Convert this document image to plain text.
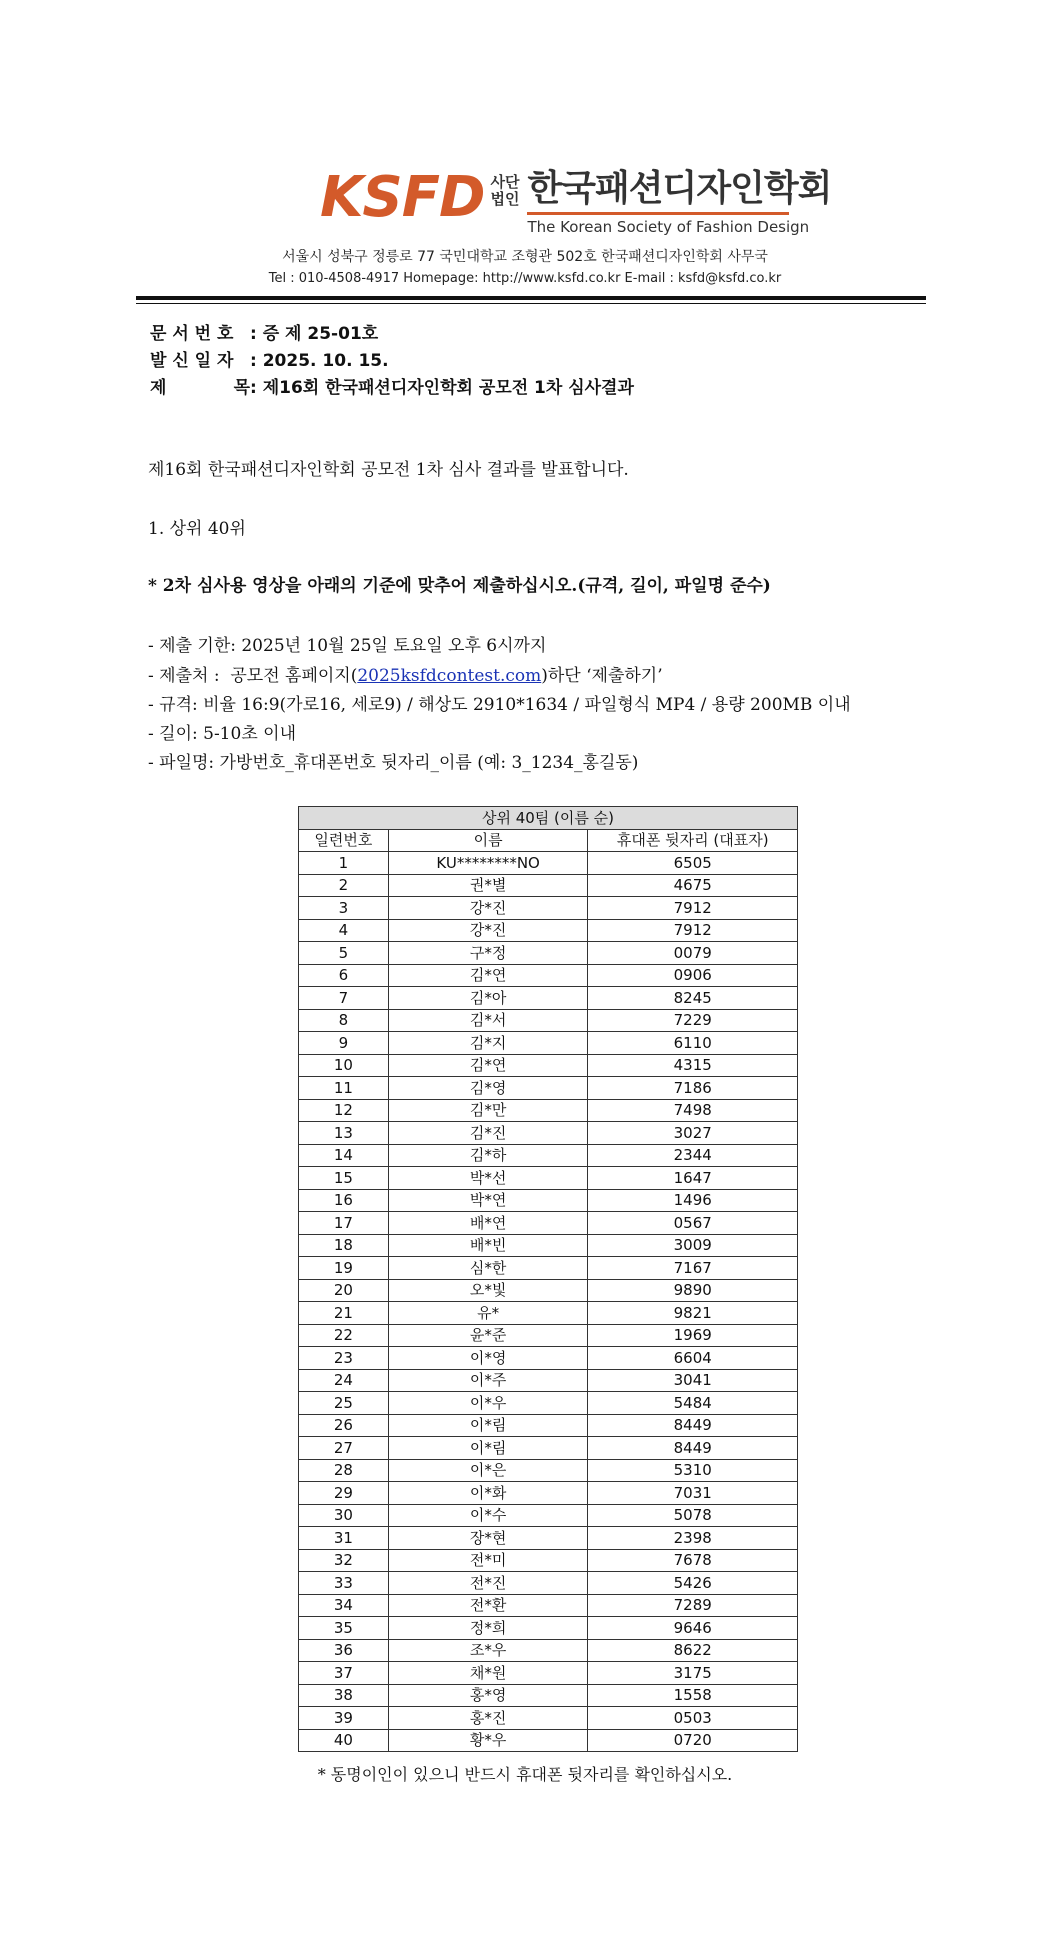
KSFD 사단
법인 한국패션디자인학회
The Korean Society of Fashion Design
서울시 성북구 정릉로 77 국민대학교 조형관 502호 한국패션디자인학회 사무국
Tel : 010-4508-4917 Homepage: http://www.ksfd.co.kr E-mail : ksfd@ksfd.co.kr
문 서 번 호 : 증 제 25-01호
발 신 일 자 : 2025. 10. 15.
제 목: 제16회 한국패션디자인학회 공모전 1차 심사결과
제16회 한국패션디자인학회 공모전 1차 심사 결과를 발표합니다.
1. 상위 40위
* 2차 심사용 영상을 아래의 기준에 맞추어 제출하십시오.(규격, 길이, 파일명 준수)
- 제출 기한: 2025년 10월 25일 토요일 오후 6시까지
- 제출처 :  공모전 홈페이지(2025ksfdcontest.com)하단 ‘제출하기’
- 규격: 비율 16:9(가로16, 세로9) / 해상도 2910*1634 / 파일형식 MP4 / 용량 200MB 이내
- 길이: 5-10초 이내
- 파일명: 가방번호_휴대폰번호 뒷자리_이름 (예: 3_1234_홍길동)
상위 40팀 (이름 순)		
일련번호	이름	휴대폰 뒷자리 (대표자)
1	KU********NO	6505
2	권*별	4675
3	강*진	7912
4	강*진	7912
5	구*정	0079
6	김*연	0906
7	김*아	8245
8	김*서	7229
9	김*지	6110
10	김*연	4315
11	김*영	7186
12	김*만	7498
13	김*진	3027
14	김*하	2344
15	박*선	1647
16	박*연	1496
17	배*연	0567
18	배*빈	3009
19	심*한	7167
20	오*빛	9890
21	유*	9821
22	윤*준	1969
23	이*영	6604
24	이*주	3041
25	이*우	5484
26	이*림	8449
27	이*림	8449
28	이*은	5310
29	이*화	7031
30	이*수	5078
31	장*현	2398
32	전*미	7678
33	전*진	5426
34	전*환	7289
35	정*희	9646
36	조*우	8622
37	채*원	3175
38	홍*영	1558
39	홍*진	0503
40	황*우	0720
* 동명이인이 있으니 반드시 휴대폰 뒷자리를 확인하십시오.
